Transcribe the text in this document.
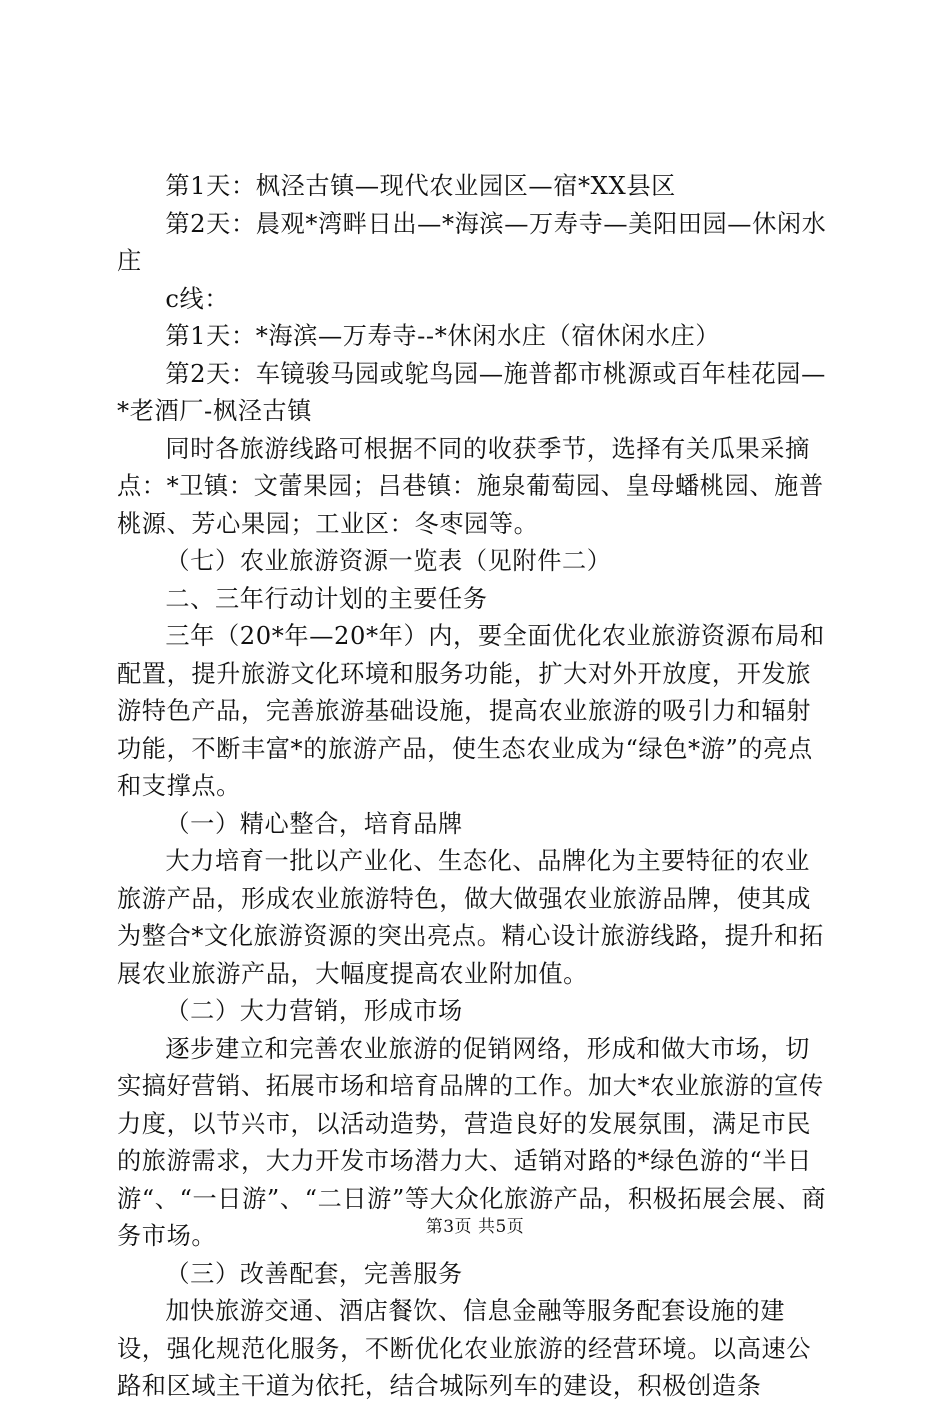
第1天：枫泾古镇—现代农业园区—宿*XX县区

第2天：晨观*湾畔日出—*海滨—万寿寺—美阳田园—休闲水庄

c线：

第1天：*海滨—万寿寺--*休闲水庄（宿休闲水庄）

第2天：车镜骏马园或鸵鸟园—施普都市桃源或百年桂花园—*老酒厂-枫泾古镇

同时各旅游线路可根据不同的收获季节，选择有关瓜果采摘点：*卫镇：文蕾果园；吕巷镇：施泉葡萄园、皇母蟠桃园、施普桃源、芳心果园；工业区：冬枣园等。

（七）农业旅游资源一览表（见附件二）

二、三年行动计划的主要任务

三年（20*年—20*年）内，要全面优化农业旅游资源布局和配置，提升旅游文化环境和服务功能，扩大对外开放度，开发旅游特色产品，完善旅游基础设施，提高农业旅游的吸引力和辐射功能，不断丰富*的旅游产品，使生态农业成为“绿色*游”的亮点和支撑点。

（一）精心整合，培育品牌

大力培育一批以产业化、生态化、品牌化为主要特征的农业旅游产品，形成农业旅游特色，做大做强农业旅游品牌，使其成为整合*文化旅游资源的突出亮点。精心设计旅游线路，提升和拓展农业旅游产品，大幅度提高农业附加值。

（二）大力营销，形成市场

逐步建立和完善农业旅游的促销网络，形成和做大市场，切实搞好营销、拓展市场和培育品牌的工作。加大*农业旅游的宣传力度，以节兴市，以活动造势，营造良好的发展氛围，满足市民的旅游需求，大力开发市场潜力大、适销对路的*绿色游的“半日游“、“一日游”、“二日游”等大众化旅游产品，积极拓展会展、商务市场。

（三）改善配套，完善服务

加快旅游交通、酒店餐饮、信息金融等服务配套设施的建设，强化规范化服务，不断优化农业旅游的经营环境。以高速公路和区域主干道为依托，结合城际列车的建设，积极创造条

第3页 共5页
